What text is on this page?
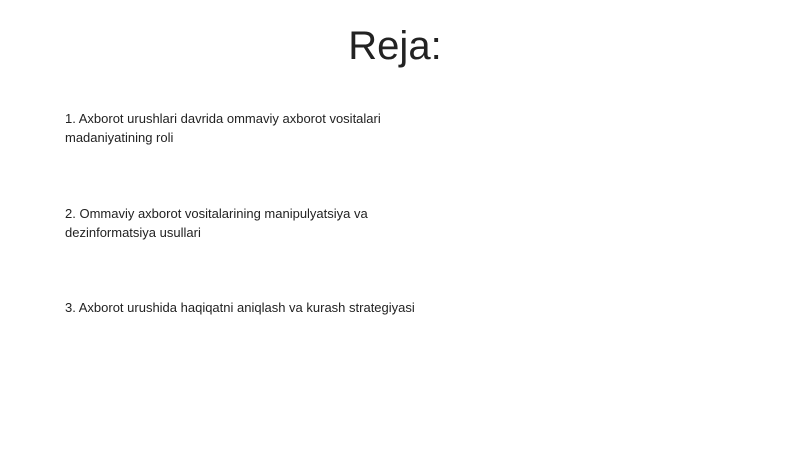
Reja:

1. Axborot urushlari davrida ommaviy axborot vositalari madaniyatining roli

2. Ommaviy axborot vositalarining manipulyatsiya va dezinformatsiya usullari

3. Axborot urushida haqiqatni aniqlash va kurash strategiyasi
